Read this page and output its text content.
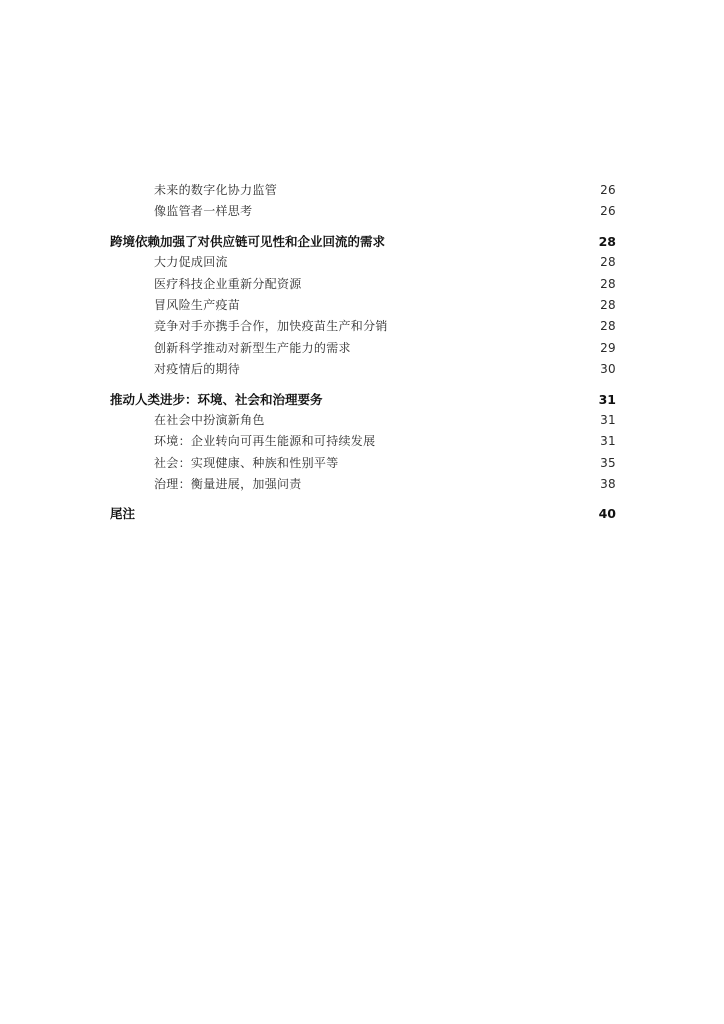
未来的数字化协力监管	26
像监管者一样思考	26
跨境依赖加强了对供应链可见性和企业回流的需求	28
大力促成回流	28
医疗科技企业重新分配资源	28
冒风险生产疫苗	28
竞争对手亦携手合作，加快疫苗生产和分销	28
创新科学推动对新型生产能力的需求	29
对疫情后的期待	30
推动人类进步：环境、社会和治理要务	31
在社会中扮演新角色	31
环境：企业转向可再生能源和可持续发展	31
社会：实现健康、种族和性别平等	35
治理：衡量进展，加强问责	38
尾注	40
